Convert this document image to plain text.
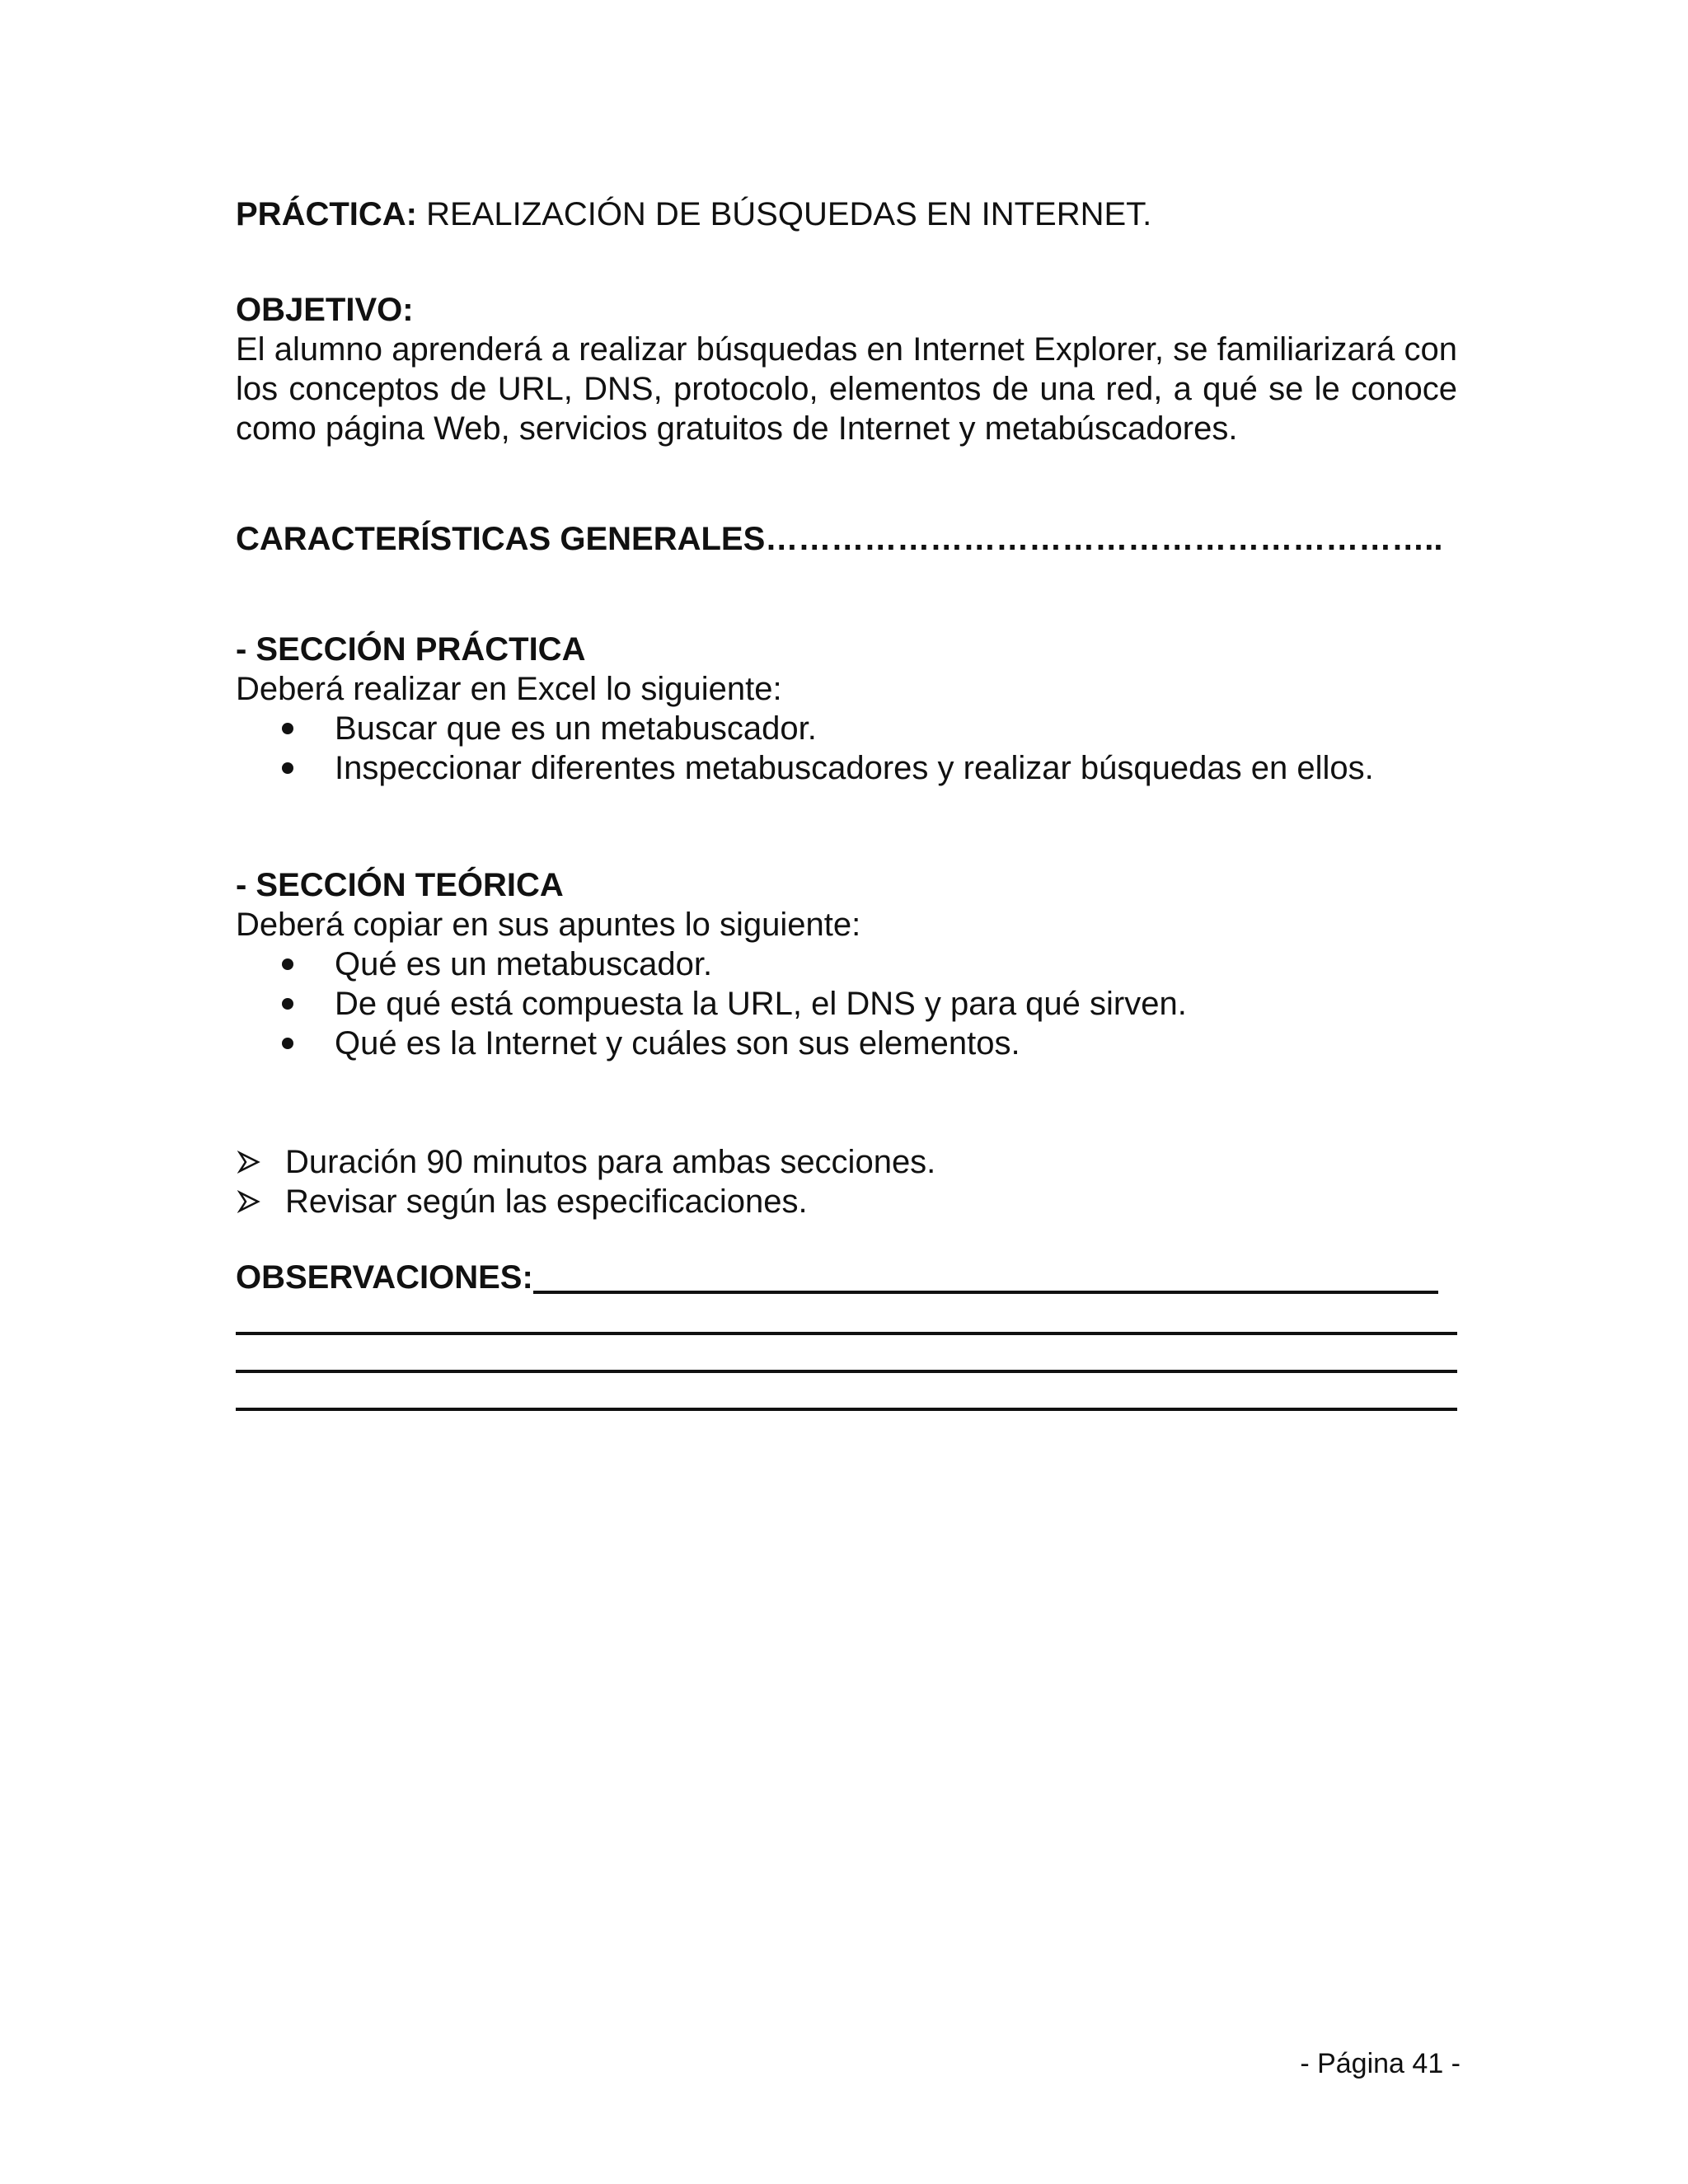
PRÁCTICA: REALIZACIÓN DE BÚSQUEDAS EN INTERNET.

OBJETIVO:

El alumno aprenderá a realizar búsquedas en Internet Explorer, se familiarizará con los conceptos de URL, DNS, protocolo, elementos de una red, a qué se le conoce como página Web, servicios gratuitos de Internet y metabúscadores.

CARACTERÍSTICAS GENERALES……………………………………………………..

- SECCIÓN PRÁCTICA

Deberá realizar en Excel lo siguiente:

Buscar que es un metabuscador.
Inspeccionar diferentes metabuscadores y realizar búsquedas en ellos.

- SECCIÓN TEÓRICA

Deberá copiar en sus apuntes lo siguiente:

Qué es un metabuscador.
De qué está compuesta la URL, el DNS y para qué sirven.
Qué es la Internet y cuáles son sus elementos.
Duración 90 minutos para ambas secciones.
Revisar según las especificaciones.
OBSERVACIONES:
- Página 41 -
